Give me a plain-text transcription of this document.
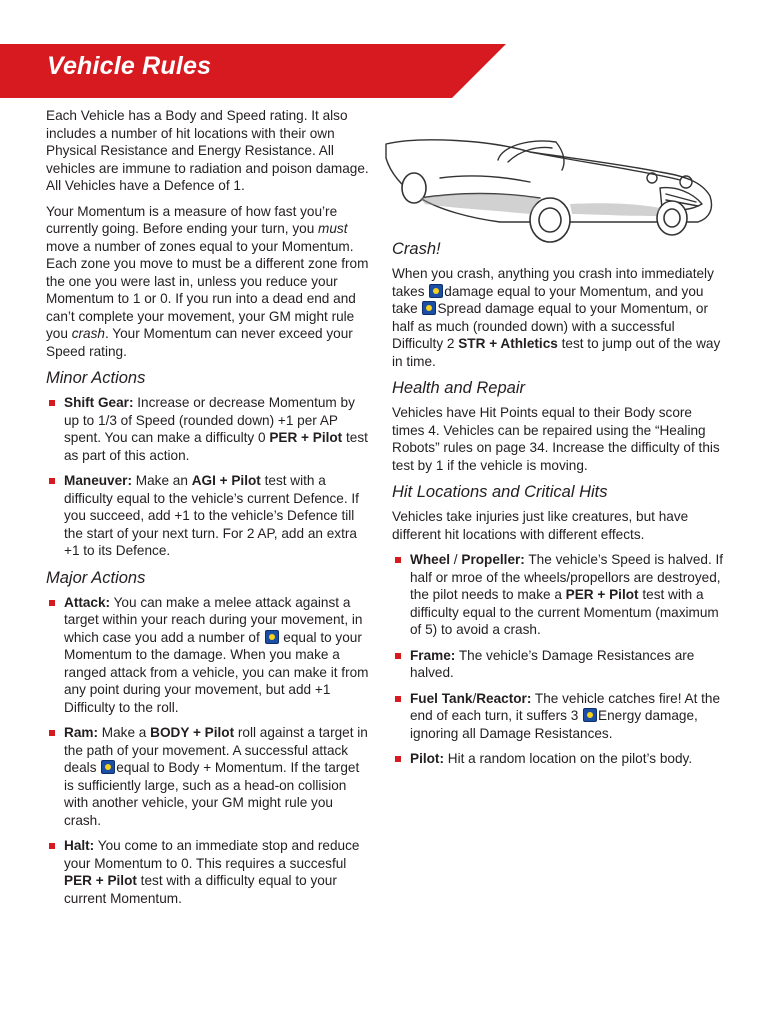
Vehicle Rules

Each Vehicle has a Body and Speed rating. It also includes a number of hit locations with their own Physical Resistance and Energy Resistance. All vehicles are immune to radiation and poison damage. All Vehicles have a Defence of 1.

Your Momentum is a measure of how fast you’re currently going. Before ending your turn, you must move a number of zones equal to your Momentum. Each zone you move to must be a different zone from the one you were last in, unless you reduce your Momentum to 1 or 0. If you run into a dead end and can’t complete your movement, your GM might rule you crash. Your Momentum can never exceed your Speed rating.

Minor Actions
Shift Gear: Increase or decrease Momentum by up to 1/3 of Speed (rounded down) +1 per AP spent. You can make a difficulty 0 PER + Pilot test as part of this action.
Maneuver: Make an AGI + Pilot test with a difficulty equal to the vehicle’s current Defence. If you succeed, add +1 to the vehicle’s Defence till the start of your next turn. For 2 AP, add an extra +1 to its Defence.
Major Actions
Attack: You can make a melee attack against a target within your reach during your movement, in which case you add a number of  equal to your Momentum to the damage. When you make a ranged attack from a vehicle, you can make it from any point during your movement, but add +1 Difficulty to the roll.
Ram: Make a BODY + Pilot roll against a target in the path of your movement. A successful attack deals equal to Body + Momentum. If the target is sufficiently large, such as a head-on collision with another vehicle, your GM might rule you crash.
Halt: You come to an immediate stop and reduce your Momentum to 0. This requires a succesful PER + Pilot test with a difficulty equal to your current Momentum.
Crash!

When you crash, anything you crash into immediately takes damage equal to your Momentum, and you take Spread damage equal to your Momentum, or half as much (rounded down) with a successful Difficulty 2 STR + Athletics test to jump out of the way in time.

Health and Repair

Vehicles have Hit Points equal to their Body score times 4. Vehicles can be repaired using the “Healing Robots” rules on page 34. Increase the difficulty of this test by 1 if the vehicle is moving.

Hit Locations and Critical Hits

Vehicles take injuries just like creatures, but have different hit locations with different effects.

Wheel / Propeller: The vehicle’s Speed is halved. If half or mroe of the wheels/propellors are destroyed, the pilot needs to make a PER + Pilot test with a difficulty equal to the current Momentum (maximum of 5) to avoid a crash.
Frame: The vehicle’s Damage Resistances are halved.
Fuel Tank/Reactor: The vehicle catches fire! At the end of each turn, it suffers 3 Energy damage, ignoring all Damage Resistances.
Pilot: Hit a random location on the pilot’s body.
